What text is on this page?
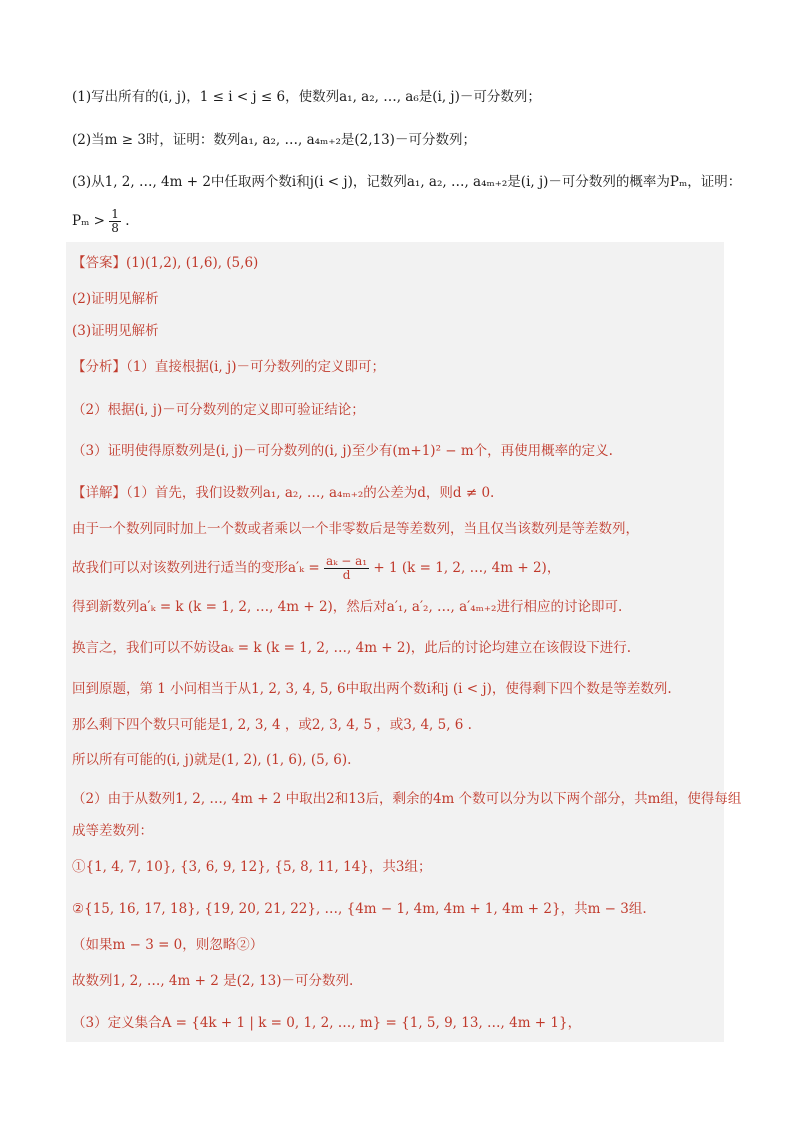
(1)写出所有的(i, j)，1 ≤ i < j ≤ 6，使数列a₁, a₂, …, a₆是(i, j)－可分数列；
(2)当m ≥ 3时，证明：数列a₁, a₂, …, a₄ₘ₊₂是(2,13)－可分数列；
(3)从1, 2, …, 4m + 2中任取两个数i和j(i < j)，记数列a₁, a₂, …, a₄ₘ₊₂是(i, j)－可分数列的概率为Pₘ，证明：
$P_m > \frac{1}{8}$ .
【答案】(1)(1,2), (1,6), (5,6)
(2)证明见解析
(3)证明见解析
【分析】（1）直接根据(i, j)－可分数列的定义即可；
（2）根据(i, j)－可分数列的定义即可验证结论；
（3）证明使得原数列是(i, j)－可分数列的(i, j)至少有(m+1)² − m个，再使用概率的定义.
【详解】（1）首先，我们设数列a₁, a₂, …, a₄ₘ₊₂的公差为d，则d ≠ 0.
由于一个数列同时加上一个数或者乘以一个非零数后是等差数列，当且仅当该数列是等差数列，
故我们可以对该数列进行适当的变形$a'_k = \frac{\text{aₖ − a₁}}{d} + 1$ (k = 1, 2, …, 4m + 2)，
得到新数列a′ₖ = k (k = 1, 2, …, 4m + 2)，然后对a′₁, a′₂, …, a′₄ₘ₊₂进行相应的讨论即可.
换言之，我们可以不妨设aₖ = k (k = 1, 2, …, 4m + 2)，此后的讨论均建立在该假设下进行.
回到原题，第 1 小问相当于从1, 2, 3, 4, 5, 6中取出两个数i和j (i < j)，使得剩下四个数是等差数列.
那么剩下四个数只可能是1, 2, 3, 4 ，或2, 3, 4, 5 ，或3, 4, 5, 6 .
所以所有可能的(i, j)就是(1, 2), (1, 6), (5, 6).
（2）由于从数列1, 2, …, 4m + 2 中取出2和13后，剩余的4m 个数可以分为以下两个部分，共m组，使得每组
成等差数列：
①{1, 4, 7, 10}, {3, 6, 9, 12}, {5, 8, 11, 14}，共3组；
②{15, 16, 17, 18}, {19, 20, 21, 22}, …, {4m − 1, 4m, 4m + 1, 4m + 2}，共m − 3组.
（如果m − 3 = 0，则忽略②）
故数列1, 2, …, 4m + 2 是(2, 13)－可分数列.
（3）定义集合A = {4k + 1 | k = 0, 1, 2, …, m} = {1, 5, 9, 13, …, 4m + 1}，
